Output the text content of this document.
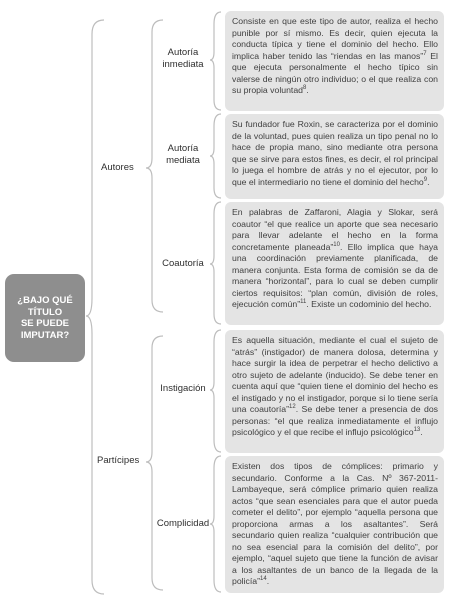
¿BAJO QUÉ
TÍTULO
SE PUEDE
IMPUTAR?
Autores
Partícipes
Autoría
inmediata
Autoría
mediata
Coautoría
Instigación
Complicidad
Consiste en que este tipo de autor, realiza el hecho punible por sí mismo. Es decir, quien ejecuta la conducta típica y tiene el dominio del hecho. Ello implica haber tenido las “riendas en las manos”$^7$ El que ejecuta personalmente el hecho típico sin valerse de ningún otro individuo; o el que realiza con su propia voluntad$^8$.
Su fundador fue Roxin, se caracteriza por el dominio de la voluntad, pues quien realiza un tipo penal no lo hace de propia mano, sino mediante otra persona que se sirve para estos fines, es decir, el rol principal lo juega el hombre de atrás y no el ejecutor, por lo que el intermediario no tiene el dominio del hecho$^9$.
En palabras de Zaffaroni, Alagia y Slokar, será coautor “el que realice un aporte que sea necesario para llevar adelante el hecho en la forma concretamente planeada”$^{10}$. Ello implica que haya una coordinación previamente planificada, de manera conjunta. Esta forma de comisión se da de manera “horizontal”, para lo cual se deben cumplir ciertos requisitos: “plan común, división de roles, ejecución común”$^{11}$. Existe un codominio del hecho.
Es aquella situación, mediante el cual el sujeto de “atrás” (instigador) de manera dolosa, determina y hace surgir la idea de perpetrar el hecho delictivo a otro sujeto de adelante (inducido). Se debe tener en cuenta aquí que “quien tiene el dominio del hecho es el instigado y no el instigador, porque si lo tiene sería una coautoría”$^{12}$. Se debe tener a presencia de dos personas: “el que realiza inmediatamente el influjo psicológico y el que recibe el influjo psicológico$^{13}$.
Existen dos tipos de cómplices: primario y secundario. Conforme a la Cas. Nº 367-2011-Lambayeque, será cómplice primario quien realiza actos “que sean esenciales para que el autor pueda cometer el delito”, por ejemplo “aquella persona que proporciona armas a los asaltantes”. Será secundario quien realiza “cualquier contribución que no sea esencial para la comisión del delito”, por ejemplo, “aquel sujeto que tiene la función de avisar a los asaltantes de un banco de la llegada de la policía”$^{14}$.
